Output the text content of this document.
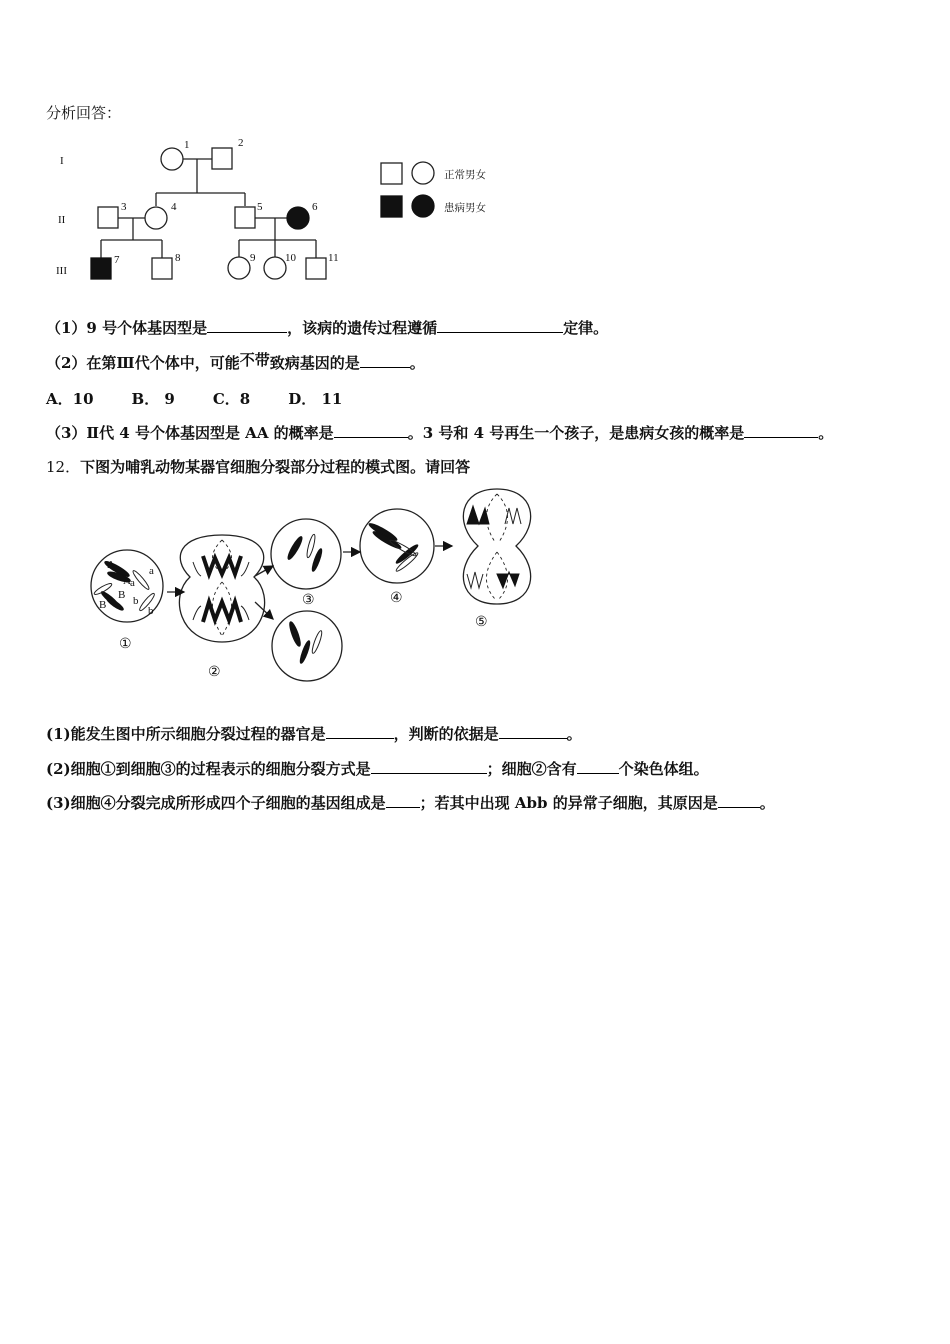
分析回答：
I
II
III
1	2
3	4	5	6
7	8	9	10	11
正常男女
患病男女
（1）9 号个体基因型是	，该病的遗传过程遵循	定律。
（2）在第Ⅲ代个体中，可能不带致病基因的是	。
A．10	B． 9	C．8	D． 11
（3）Ⅱ代 4 号个体基因型是 AA 的概率是	。3 号和 4 号再生一个孩子，是患病女孩的概率是	。
12．下图为哺乳动物某器官细胞分裂部分过程的模式图。请回答
A
A a
a
B
B b
b
①
②
③	④
⑤
(1)能发生图中所示细胞分裂过程的器官是	，判断的依据是	。
(2)细胞①到细胞③的过程表示的细胞分裂方式是	；细胞②含有	个染色体组。
(3)细胞④分裂完成所形成四个子细胞的基因组成是 ；若其中出现 Abb 的异常子细胞，其原因是	。
